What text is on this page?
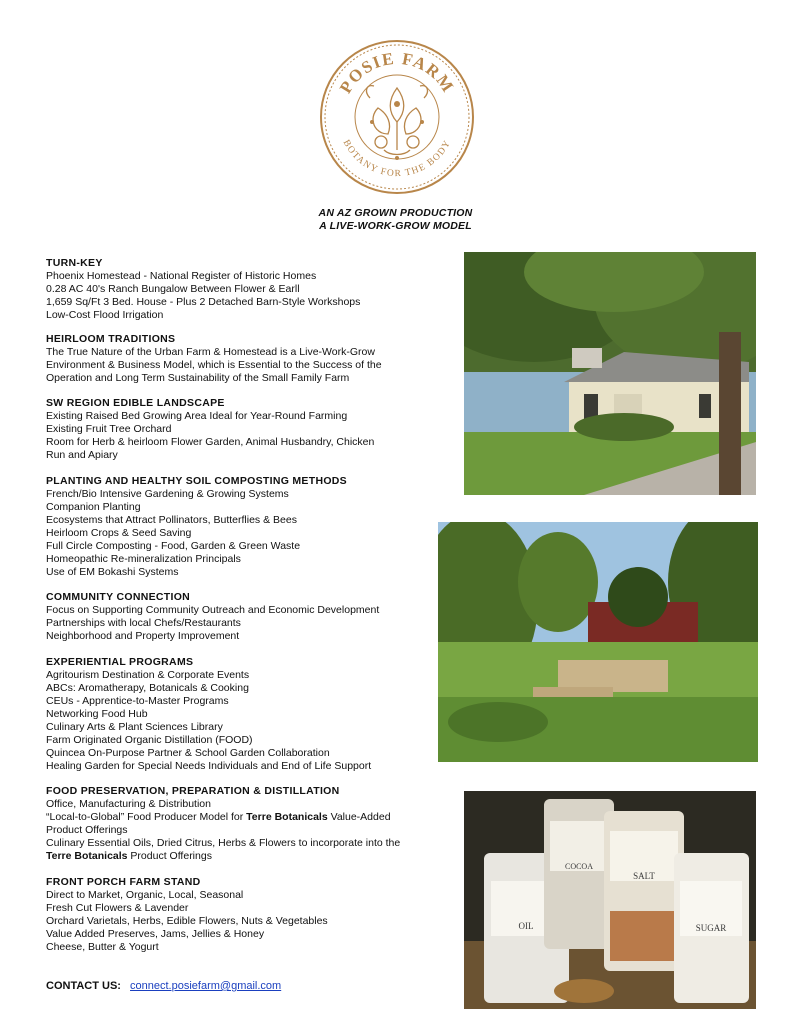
POSIE FARM
BOTANY FOR THE BODY
AN AZ GROWN PRODUCTION
A LIVE-WORK-GROW MODEL
TURN-KEY
Phoenix Homestead - National Register of Historic Homes
0.28 AC 40's Ranch Bungalow Between Flower & Earll
1,659 Sq/Ft 3 Bed. House - Plus 2 Detached Barn-Style Workshops
Low-Cost Flood Irrigation
HEIRLOOM TRADITIONS
The True Nature of the Urban Farm & Homestead is a Live-Work-Grow
Environment & Business Model, which is Essential to the Success of the
Operation and Long Term Sustainability of the Small Family Farm
SW REGION EDIBLE LANDSCAPE
Existing Raised Bed Growing Area Ideal for Year-Round Farming
Existing Fruit Tree Orchard
Room for Herb & heirloom Flower Garden, Animal Husbandry, Chicken
Run and Apiary
PLANTING AND HEALTHY SOIL COMPOSTING METHODS
French/Bio Intensive Gardening & Growing Systems
Companion Planting
Ecosystems that Attract Pollinators, Butterflies & Bees
Heirloom Crops & Seed Saving
Full Circle Composting - Food, Garden & Green Waste
Homeopathic Re-mineralization Principals
Use of EM Bokashi Systems
COMMUNITY CONNECTION
Focus on Supporting Community Outreach and Economic Development
Partnerships with local Chefs/Restaurants
Neighborhood and Property Improvement
EXPERIENTIAL PROGRAMS
Agritourism Destination & Corporate Events
ABCs: Aromatherapy, Botanicals & Cooking
CEUs - Apprentice-to-Master Programs
Networking Food Hub
Culinary Arts & Plant Sciences Library
Farm Originated Organic Distillation (FOOD)
Quincea On-Purpose Partner & School Garden Collaboration
Healing Garden for Special Needs Individuals and End of Life Support
FOOD PRESERVATION, PREPARATION & DISTILLATION
Office, Manufacturing & Distribution
“Local-to-Global” Food Producer Model for Terre Botanicals Value-Added
Product Offerings
Culinary Essential Oils, Dried Citrus, Herbs & Flowers to incorporate into the
Terre Botanicals Product Offerings
FRONT PORCH FARM STAND
Direct to Market, Organic, Local, Seasonal
Fresh Cut Flowers & Lavender
Orchard Varietals, Herbs, Edible Flowers, Nuts & Vegetables
Value Added Preserves, Jams, Jellies & Honey
Cheese, Butter & Yogurt
CONTACT US: connect.posiefarm@gmail.com
OIL
COCOA
SALT
SUGAR
